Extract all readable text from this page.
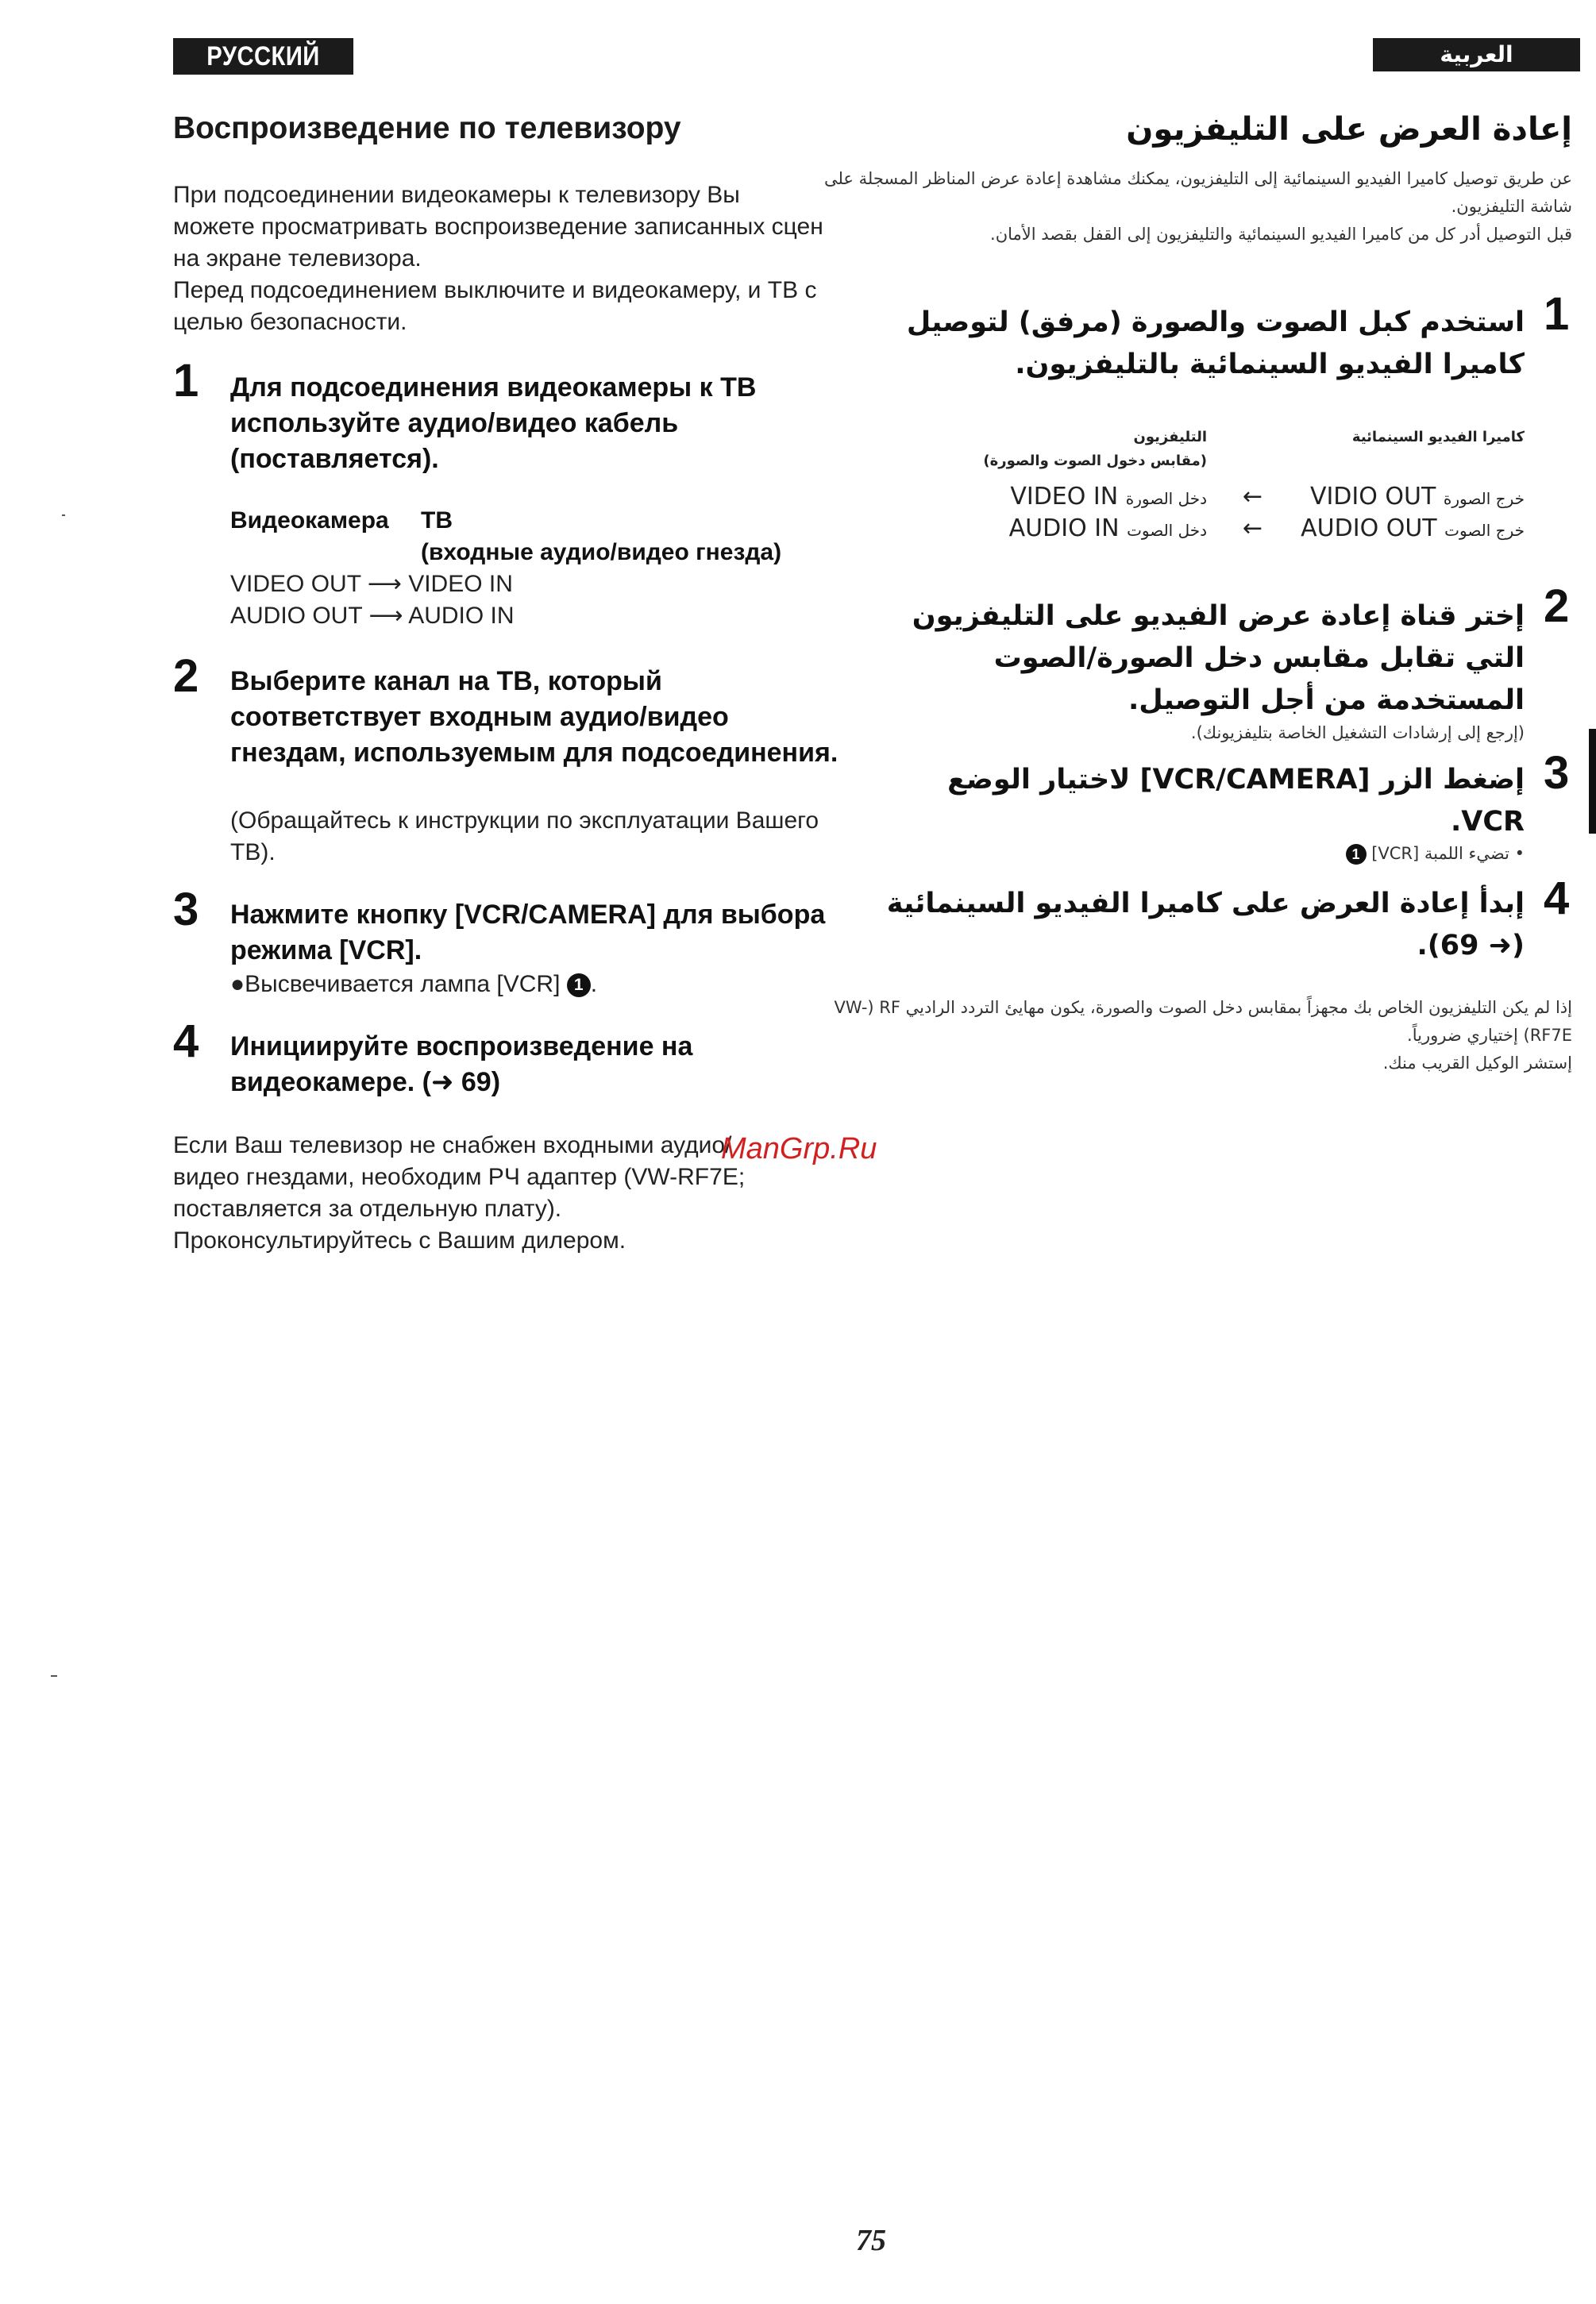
РУССКИЙ ЯЗЫК
العربية
Воспроизведение по телевизору

При подсоединении видеокамеры к телевизору Вы можете просматривать воспроизведение записанных сцен на экране телевизора.

Перед подсоединением выключите и видеокамеру, и ТВ с целью безопасности.

1 Для подсоединения видеокамеры к ТВ используйте аудио/видео кабель (поставляется).
Видеокамера ТВ
(входные аудио/видео гнезда)
VIDEO OUT ⟶ VIDEO IN
AUDIO OUT ⟶ AUDIO IN
2 Выберите канал на ТВ, который соответствует входным аудио/видео гнездам, используемым для подсоединения.
(Обращайтесь к инструкции по эксплуатации Вашего ТВ).
3 Нажмите кнопку [VCR/CAMERA] для выбора режима [VCR].
●Высвечивается лампа [VCR] 1 .
4 Инициируйте воспроизведение на видеокамере. (➜ 69)

Если Ваш телевизор не снабжен входными аудио/

видео гнездами, необходим РЧ адаптер (VW-RF7E;

поставляется за отдельную плату).

Проконсультируйтесь с Вашим дилером.

ManGrp.Ru
إعادة العرض على التليفزيون

عن طريق توصيل كاميرا الفيديو السينمائية إلى التليفزيون، يمكنك مشاهدة إعادة عرض المناظر المسجلة على شاشة التليفزيون.

قبل التوصيل أدر كل من كاميرا الفيديو السينمائية والتليفزيون إلى القفل بقصد الأمان.

1
استخدم كبل الصوت والصورة (مرفق) لتوصيل كاميرا الفيديو السينمائية بالتليفزيون.
كاميرا الفيديو السينمائية
التليفزيون
(مقابس دخول الصوت والصورة)
خرج الصورة VIDIO OUT
←
دخل الصورة VIDEO IN
خرج الصوت AUDIO OUT
←
دخل الصوت AUDIO IN
2
إختر قناة إعادة عرض الفيديو على التليفزيون التي تقابل مقابس دخل الصورة/الصوت المستخدمة من أجل التوصيل.
(إرجع إلى إرشادات التشغيل الخاصة بتليفزيونك).
3
إضغط الزر [VCR/CAMERA] لاختيار الوضع VCR.
• تضيء اللمبة [VCR] 1
4
إبدأ إعادة العرض على كاميرا الفيديو السينمائية (➜ 69).

إذا لم يكن التليفزيون الخاص بك مجهزاً بمقابس دخل الصوت والصورة، يكون مهايئ التردد الراديي RF ‏(VW-RF7E) إختياري ضرورياً.

إستشر الوكيل القريب منك.

75
